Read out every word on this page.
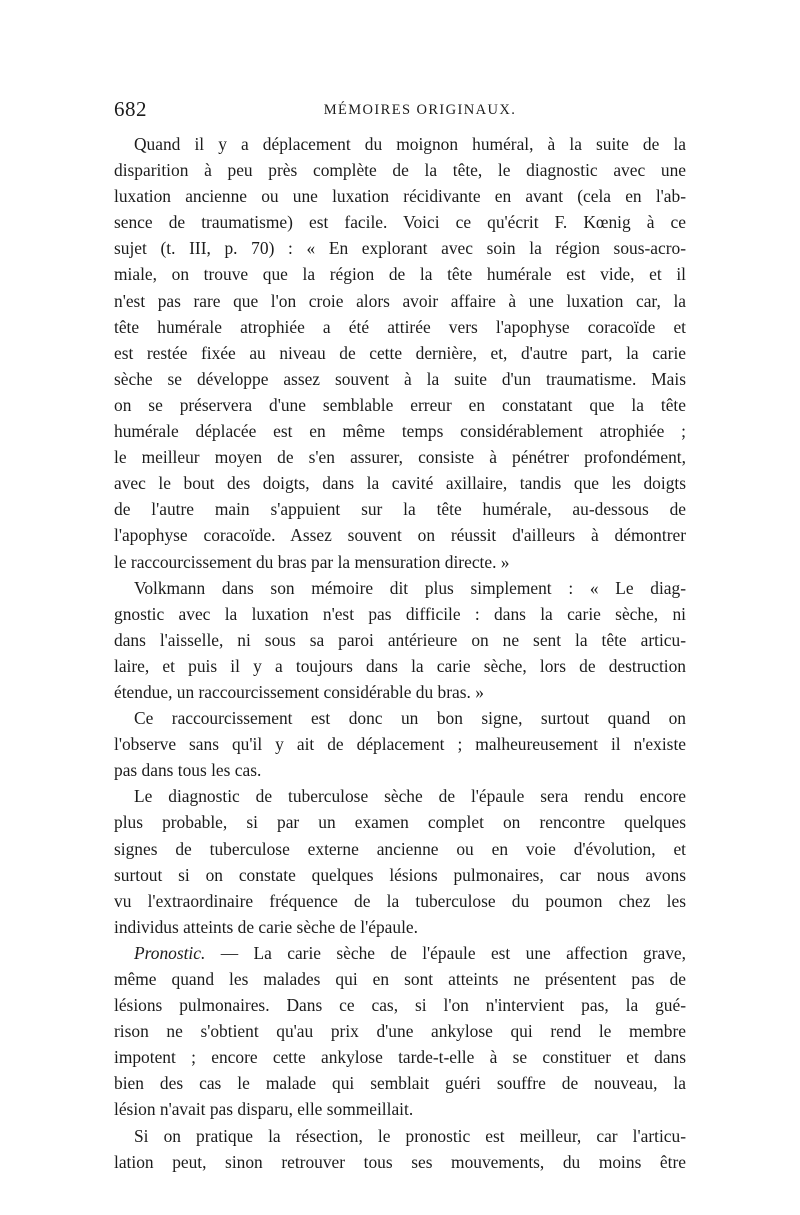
682	MÉMOIRES ORIGINAUX.
Quand il y a déplacement du moignon huméral, à la suite de la
disparition à peu près complète de la tête, le diagnostic avec une
luxation ancienne ou une luxation récidivante en avant (cela en l'ab-
sence de traumatisme) est facile. Voici ce qu'écrit F. Kœnig à ce
sujet (t. III, p. 70) : « En explorant avec soin la région sous-acro-
miale, on trouve que la région de la tête humérale est vide, et il
n'est pas rare que l'on croie alors avoir affaire à une luxation car, la
tête humérale atrophiée a été attirée vers l'apophyse coracoïde et
est restée fixée au niveau de cette dernière, et, d'autre part, la carie
sèche se développe assez souvent à la suite d'un traumatisme. Mais
on se préservera d'une semblable erreur en constatant que la tête
humérale déplacée est en même temps considérablement atrophiée ;
le meilleur moyen de s'en assurer, consiste à pénétrer profondément,
avec le bout des doigts, dans la cavité axillaire, tandis que les doigts
de l'autre main s'appuient sur la tête humérale, au-dessous de
l'apophyse coracoïde. Assez souvent on réussit d'ailleurs à démontrer
le raccourcissement du bras par la mensuration directe. »
Volkmann dans son mémoire dit plus simplement : « Le diag-
gnostic avec la luxation n'est pas difficile : dans la carie sèche, ni
dans l'aisselle, ni sous sa paroi antérieure on ne sent la tête articu-
laire, et puis il y a toujours dans la carie sèche, lors de destruction
étendue, un raccourcissement considérable du bras. »
Ce raccourcissement est donc un bon signe, surtout quand on
l'observe sans qu'il y ait de déplacement ; malheureusement il n'existe
pas dans tous les cas.
Le diagnostic de tuberculose sèche de l'épaule sera rendu encore
plus probable, si par un examen complet on rencontre quelques
signes de tuberculose externe ancienne ou en voie d'évolution, et
surtout si on constate quelques lésions pulmonaires, car nous avons
vu l'extraordinaire fréquence de la tuberculose du poumon chez les
individus atteints de carie sèche de l'épaule.
Pronostic. — La carie sèche de l'épaule est une affection grave,
même quand les malades qui en sont atteints ne présentent pas de
lésions pulmonaires. Dans ce cas, si l'on n'intervient pas, la gué-
rison ne s'obtient qu'au prix d'une ankylose qui rend le membre
impotent ; encore cette ankylose tarde-t-elle à se constituer et dans
bien des cas le malade qui semblait guéri souffre de nouveau, la
lésion n'avait pas disparu, elle sommeillait.
Si on pratique la résection, le pronostic est meilleur, car l'articu-
lation peut, sinon retrouver tous ses mouvements, du moins être
